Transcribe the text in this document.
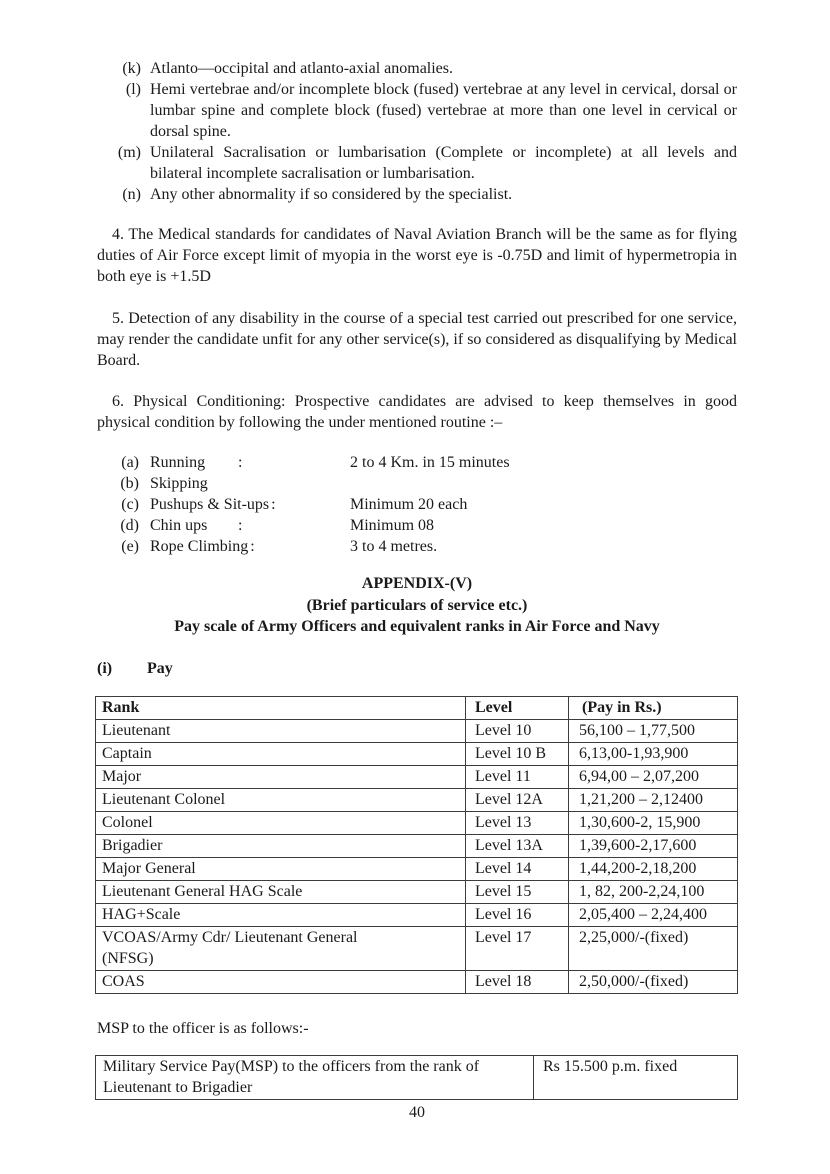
(k) Atlanto—occipital and atlanto-axial anomalies.
(l) Hemi vertebrae and/or incomplete block (fused) vertebrae at any level in cervical, dorsal or lumbar spine and complete block (fused) vertebrae at more than one level in cervical or dorsal spine.
(m) Unilateral Sacralisation or lumbarisation (Complete or incomplete) at all levels and bilateral incomplete sacralisation or lumbarisation.
(n) Any other abnormality if so considered by the specialist.

4. The Medical standards for candidates of Naval Aviation Branch will be the same as for flying duties of Air Force except limit of myopia in the worst eye is -0.75D and limit of hypermetropia in both eye is +1.5D

5. Detection of any disability in the course of a special test carried out prescribed for one service, may render the candidate unfit for any other service(s), if so considered as disqualifying by Medical Board.

6. Physical Conditioning: Prospective candidates are advised to keep themselves in good physical condition by following the under mentioned routine :–

(a) Running :	2 to 4 Km. in 15 minutes
(b) Skipping
(c) Pushups & Sit-ups :	Minimum 20 each
(d) Chin ups :	Minimum 08
(e) Rope Climbing :	3 to 4 metres.
APPENDIX-(V)
(Brief particulars of service etc.)
Pay scale of Army Officers and equivalent ranks in Air Force and Navy
(i)	Pay
Rank	Level	(Pay in Rs.)
Lieutenant	Level 10	56,100 – 1,77,500
Captain	Level 10 B	6,13,00-1,93,900
Major	Level 11	6,94,00 – 2,07,200
Lieutenant Colonel	Level 12A	1,21,200 – 2,12400
Colonel	Level 13	1,30,600-2, 15,900
Brigadier	Level 13A	1,39,600-2,17,600
Major General	Level 14	1,44,200-2,18,200
Lieutenant General HAG Scale	Level 15	1, 82, 200-2,24,100
HAG+Scale	Level 16	2,05,400 – 2,24,400
VCOAS/Army Cdr/ Lieutenant General (NFSG)	Level 17	2,25,000/-(fixed)
COAS	Level 18	2,50,000/-(fixed)

MSP to the officer is as follows:-

Military Service Pay(MSP) to the officers from the rank of Lieutenant to Brigadier	Rs 15.500 p.m. fixed
40
